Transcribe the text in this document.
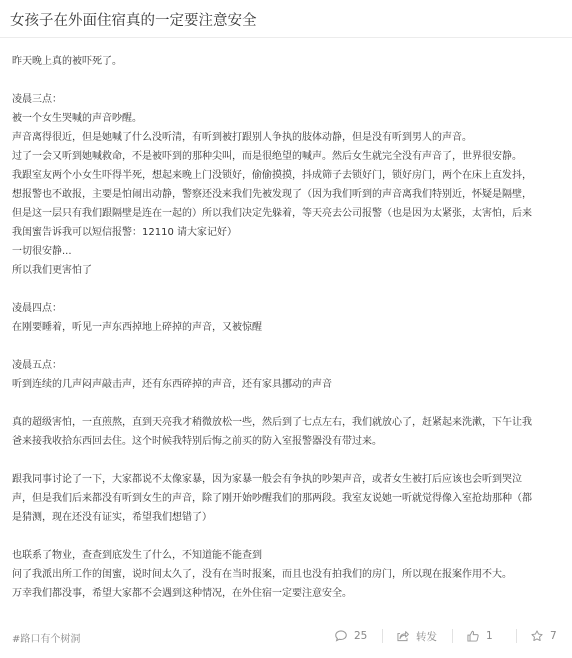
女孩子在外面住宿真的一定要注意安全
昨天晚上真的被吓死了。
凌晨三点：
被一个女生哭喊的声音吵醒。
声音离得很近，但是她喊了什么没听清，有听到被打跟别人争执的肢体动静，但是没有听到男人的声音。
过了一会又听到她喊救命，不是被吓到的那种尖叫，而是很绝望的喊声。然后女生就完全没有声音了，世界很安静。
我跟室友两个小女生吓得半死，想起来晚上门没锁好，偷偷摸摸，抖成筛子去锁好门，锁好房门，两个在床上直发抖，
想报警也不敢报，主要是怕闹出动静，警察还没来我们先被发现了（因为我们听到的声音离我们特别近，怀疑是隔壁，
但是这一层只有我们跟隔壁是连在一起的）所以我们决定先躲着，等天亮去公司报警（也是因为太紧张，太害怕，后来
我闺蜜告诉我可以短信报警：12110 请大家记好）
一切很安静...
所以我们更害怕了
凌晨四点：
在刚要睡着，听见一声东西掉地上碎掉的声音，又被惊醒
凌晨五点：
听到连续的几声闷声敲击声，还有东西碎掉的声音，还有家具挪动的声音
真的超级害怕，一直煎熬，直到天亮我才稍微放松一些，然后到了七点左右，我们就放心了，赶紧起来洗漱，下午让我
爸来接我收拾东西回去住。这个时候我特别后悔之前买的防入室报警器没有带过来。
跟我同事讨论了一下，大家都说不太像家暴，因为家暴一般会有争执的吵架声音，或者女生被打后应该也会听到哭泣
声，但是我们后来都没有听到女生的声音，除了刚开始吵醒我们的那两段。我室友说她一听就觉得像入室抢劫那种（都
是猜测，现在还没有证实，希望我们想错了）
也联系了物业，查查到底发生了什么，不知道能不能查到
问了我派出所工作的闺蜜，说时间太久了，没有在当时报案，而且也没有拍我们的房门，所以现在报案作用不大。
万幸我们都没事，希望大家都不会遇到这种情况，在外住宿一定要注意安全。
#路口有个树洞	25	转发	1	7
